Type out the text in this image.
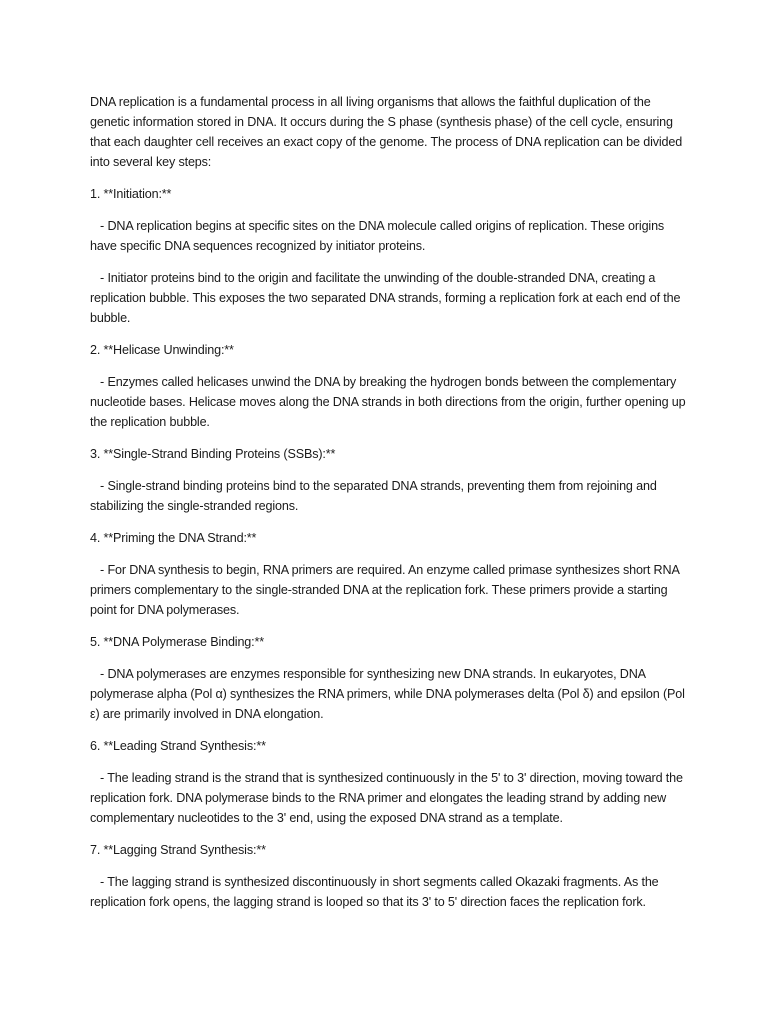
DNA replication is a fundamental process in all living organisms that allows the faithful duplication of the genetic information stored in DNA. It occurs during the S phase (synthesis phase) of the cell cycle, ensuring that each daughter cell receives an exact copy of the genome. The process of DNA replication can be divided into several key steps:

1. **Initiation:**

- DNA replication begins at specific sites on the DNA molecule called origins of replication. These origins have specific DNA sequences recognized by initiator proteins.

- Initiator proteins bind to the origin and facilitate the unwinding of the double-stranded DNA, creating a replication bubble. This exposes the two separated DNA strands, forming a replication fork at each end of the bubble.

2. **Helicase Unwinding:**

- Enzymes called helicases unwind the DNA by breaking the hydrogen bonds between the complementary nucleotide bases. Helicase moves along the DNA strands in both directions from the origin, further opening up the replication bubble.

3. **Single-Strand Binding Proteins (SSBs):**

- Single-strand binding proteins bind to the separated DNA strands, preventing them from rejoining and stabilizing the single-stranded regions.

4. **Priming the DNA Strand:**

- For DNA synthesis to begin, RNA primers are required. An enzyme called primase synthesizes short RNA primers complementary to the single-stranded DNA at the replication fork. These primers provide a starting point for DNA polymerases.

5. **DNA Polymerase Binding:**

- DNA polymerases are enzymes responsible for synthesizing new DNA strands. In eukaryotes, DNA polymerase alpha (Pol α) synthesizes the RNA primers, while DNA polymerases delta (Pol δ) and epsilon (Pol ε) are primarily involved in DNA elongation.

6. **Leading Strand Synthesis:**

- The leading strand is the strand that is synthesized continuously in the 5' to 3' direction, moving toward the replication fork. DNA polymerase binds to the RNA primer and elongates the leading strand by adding new complementary nucleotides to the 3' end, using the exposed DNA strand as a template.

7. **Lagging Strand Synthesis:**

- The lagging strand is synthesized discontinuously in short segments called Okazaki fragments. As the replication fork opens, the lagging strand is looped so that its 3' to 5' direction faces the replication fork.
